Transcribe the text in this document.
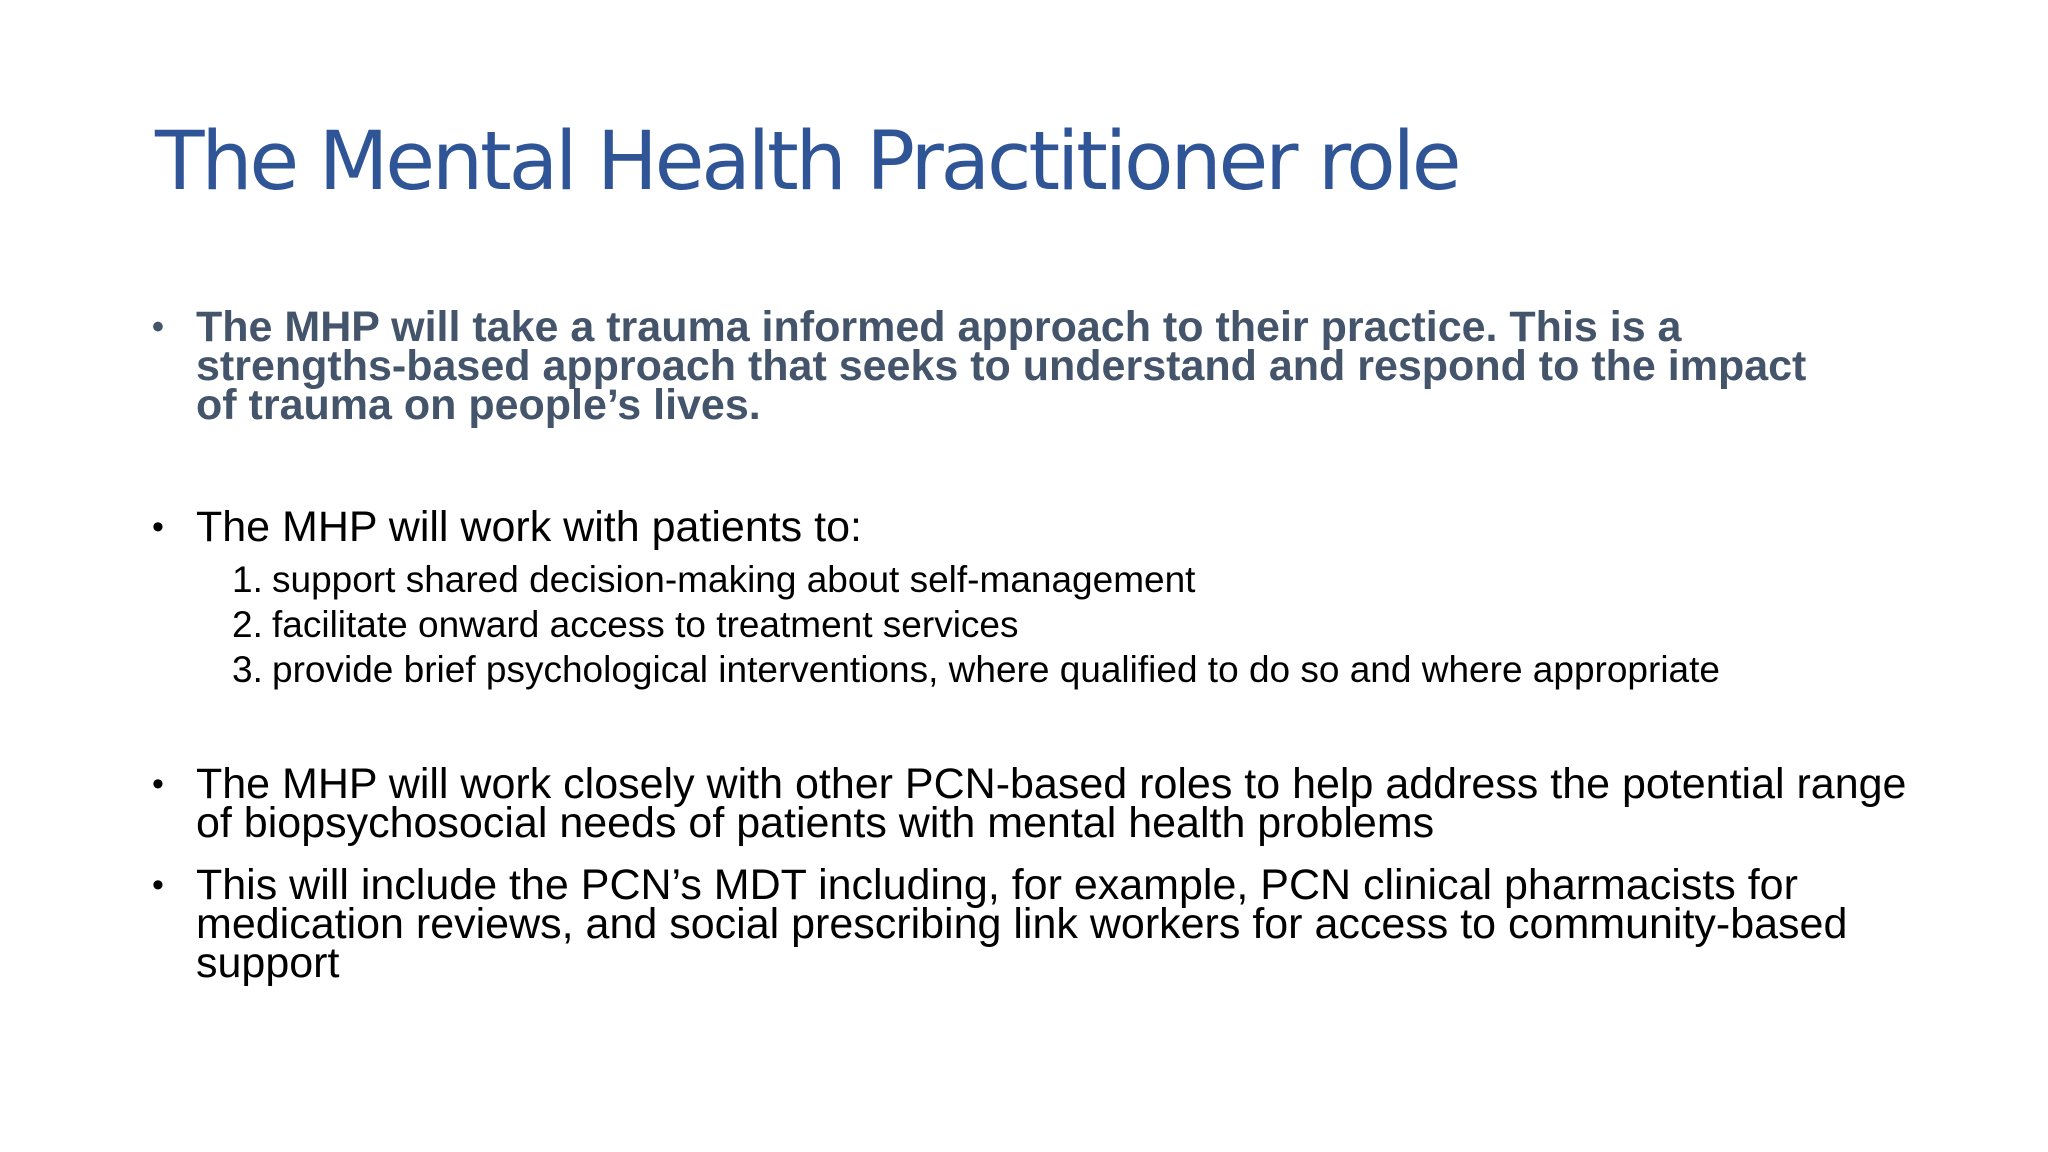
The Mental Health Practitioner role
• The MHP will take a trauma informed approach to their practice. This is a strengths-based approach that seeks to understand and respond to the impact of trauma on people’s lives.
• The MHP will work with patients to:
1. support shared decision-making about self-management
2. facilitate onward access to treatment services
3. provide brief psychological interventions, where qualified to do so and where appropriate
• The MHP will work closely with other PCN-based roles to help address the potential range of biopsychosocial needs of patients with mental health problems
• This will include the PCN’s MDT including, for example, PCN clinical pharmacists for medication reviews, and social prescribing link workers for access to community-based support
